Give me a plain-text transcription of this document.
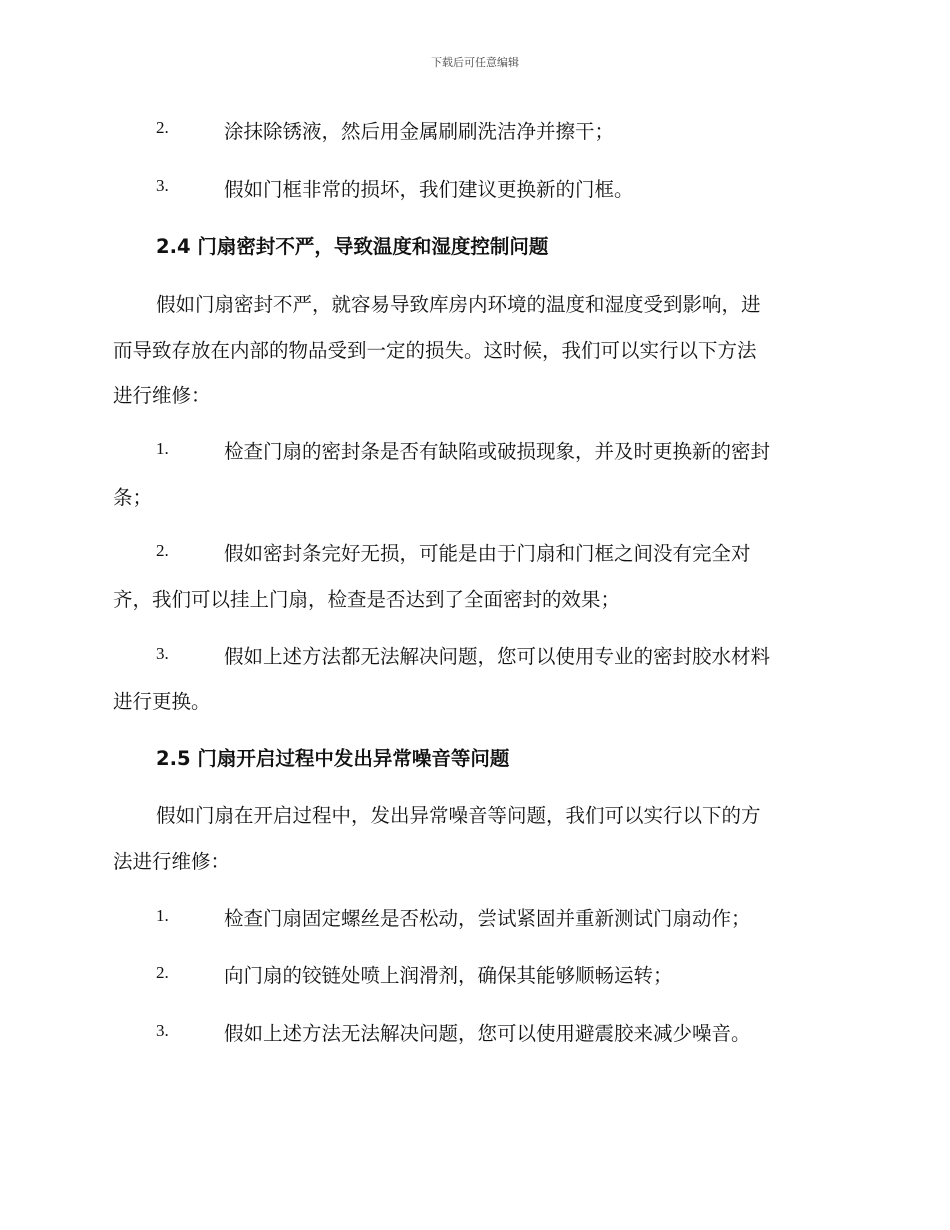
下载后可任意编辑
2.	涂抹除锈液，然后用金属刷刷洗洁净并擦干；
3.	假如门框非常的损坏，我们建议更换新的门框。
2.4 门扇密封不严，导致温度和湿度控制问题
假如门扇密封不严，就容易导致库房内环境的温度和湿度受到影响，进
而导致存放在内部的物品受到一定的损失。这时候，我们可以实行以下方法
进行维修：
1.	检查门扇的密封条是否有缺陷或破损现象，并及时更换新的密封
条；
2.	假如密封条完好无损，可能是由于门扇和门框之间没有完全对
齐，我们可以挂上门扇，检查是否达到了全面密封的效果；
3.	假如上述方法都无法解决问题，您可以使用专业的密封胶水材料
进行更换。
2.5 门扇开启过程中发出异常噪音等问题
假如门扇在开启过程中，发出异常噪音等问题，我们可以实行以下的方
法进行维修：
1.	检查门扇固定螺丝是否松动，尝试紧固并重新测试门扇动作；
2.	向门扇的铰链处喷上润滑剂，确保其能够顺畅运转；
3.	假如上述方法无法解决问题，您可以使用避震胶来减少噪音。
